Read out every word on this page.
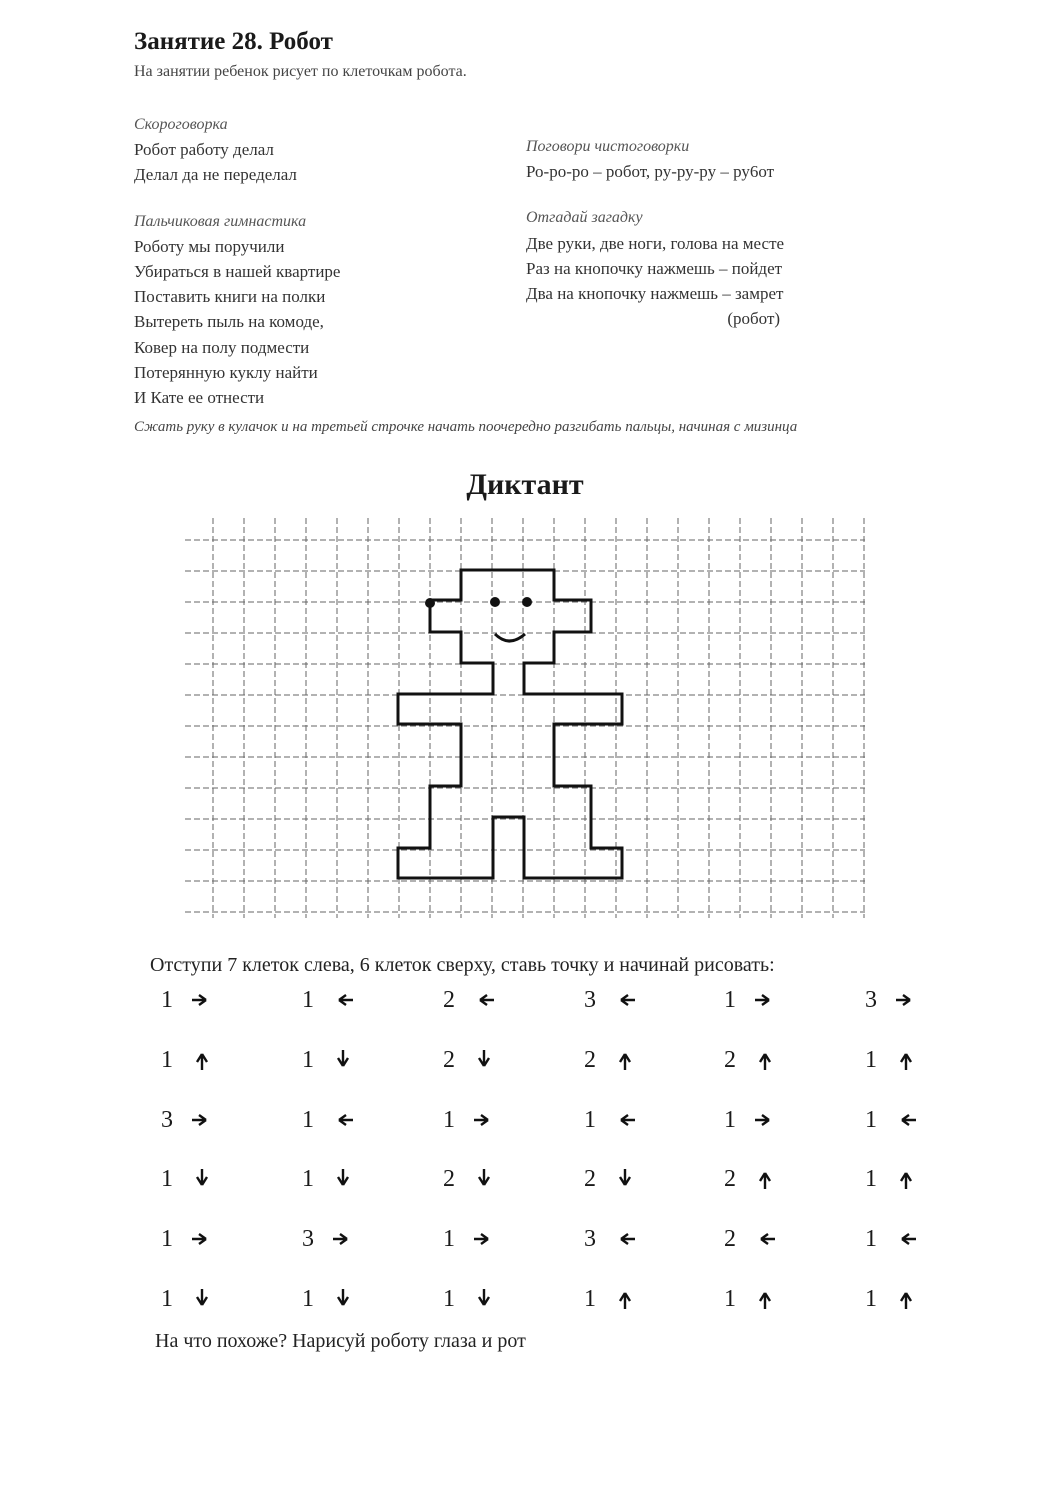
Занятие 28. Робот
На занятии ребенок рисует по клеточкам робота.
Скороговорка
Робот работу делал
Делал да не переделал
Пальчиковая гимнастика
Роботу мы поручили
Убираться в нашей квартире
Поставить книги на полки
Вытереть пыль на комоде,
Ковер на полу подмести
Потерянную куклу найти
И Кате ее отнести
Поговори чистоговорки
Ро-ро-ро – робот, ру-ру-ру – ру6от
Отгадай загадку
Две руки, две ноги, голова на месте
Раз на кнопочку нажмешь – пойдет
Два на кнопочку нажмешь – замрет
(робот)
Сжать руку в кулачок и на третьей строчке начать поочередно разгибать пальцы, начиная с мизинца
Диктант
Отступи 7 клеток слева, 6 клеток сверху, ставь точку и начинай рисовать:
1	1	2	3	1	3
1	1	2	2	2	1
3	1	1	1	1	1
1	1	2	2	2	1
1	3	1	3	2	1
1	1	1	1	1	1
На что похоже? Нарисуй роботу глаза и рот
